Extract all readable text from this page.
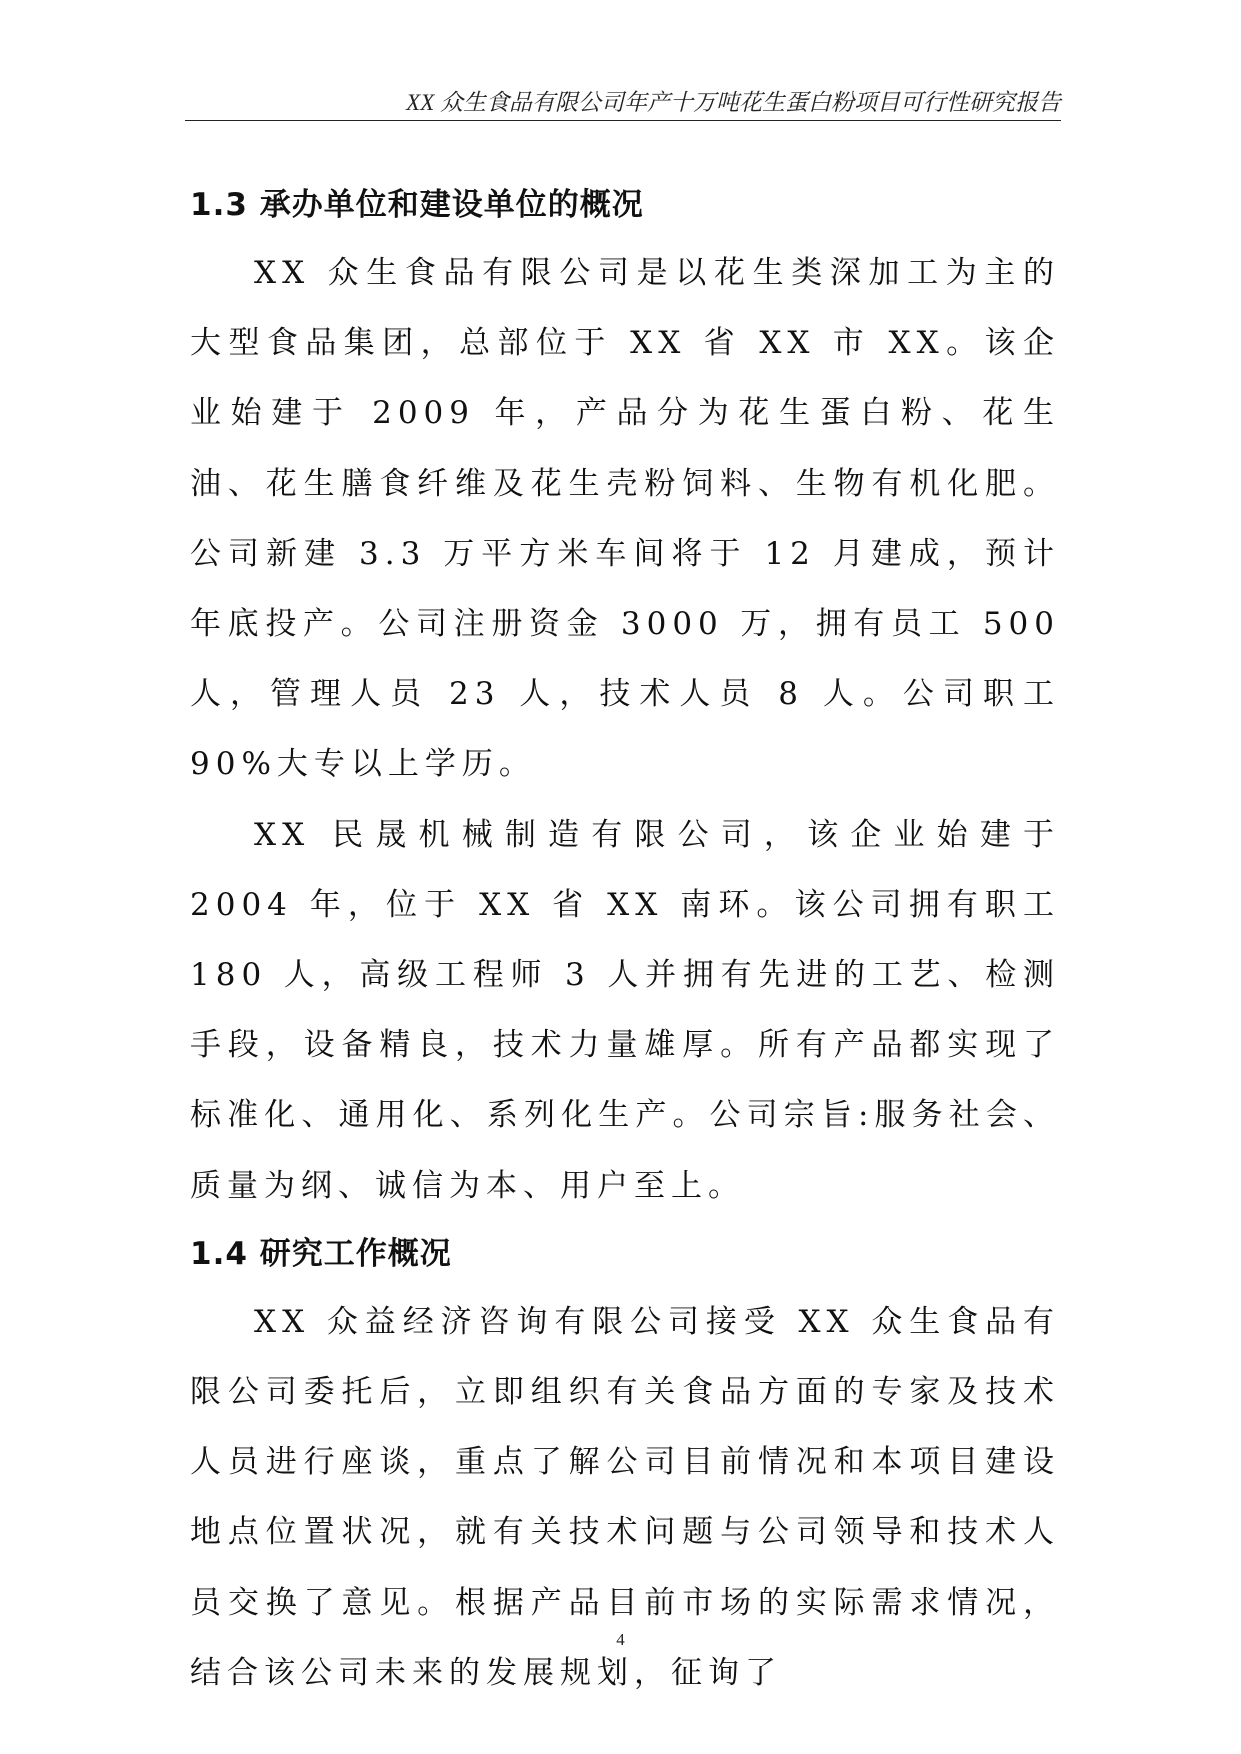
XX 众生食品有限公司年产十万吨花生蛋白粉项目可行性研究报告
1.3 承办单位和建设单位的概况

XX 众生食品有限公司是以花生类深加工为主的大型食品集团，总部位于 XX 省 XX 市 XX。该企业始建于 2009 年，产品分为花生蛋白粉、花生油、花生膳食纤维及花生壳粉饲料、生物有机化肥。公司新建 3.3 万平方米车间将于 12 月建成，预计年底投产。公司注册资金 3000 万，拥有员工 500 人，管理人员 23 人，技术人员 8 人。公司职工 90%大专以上学历。

XX 民晟机械制造有限公司，该企业始建于 2004 年，位于 XX 省 XX 南环。该公司拥有职工 180 人，高级工程师 3 人并拥有先进的工艺、检测手段，设备精良，技术力量雄厚。所有产品都实现了标准化、通用化、系列化生产。公司宗旨:服务社会、质量为纲、诚信为本、用户至上。

1.4 研究工作概况

XX 众益经济咨询有限公司接受 XX 众生食品有限公司委托后，立即组织有关食品方面的专家及技术人员进行座谈，重点了解公司目前情况和本项目建设地点位置状况，就有关技术问题与公司领导和技术人员交换了意见。根据产品目前市场的实际需求情况，结合该公司未来的发展规划，征询了

4
